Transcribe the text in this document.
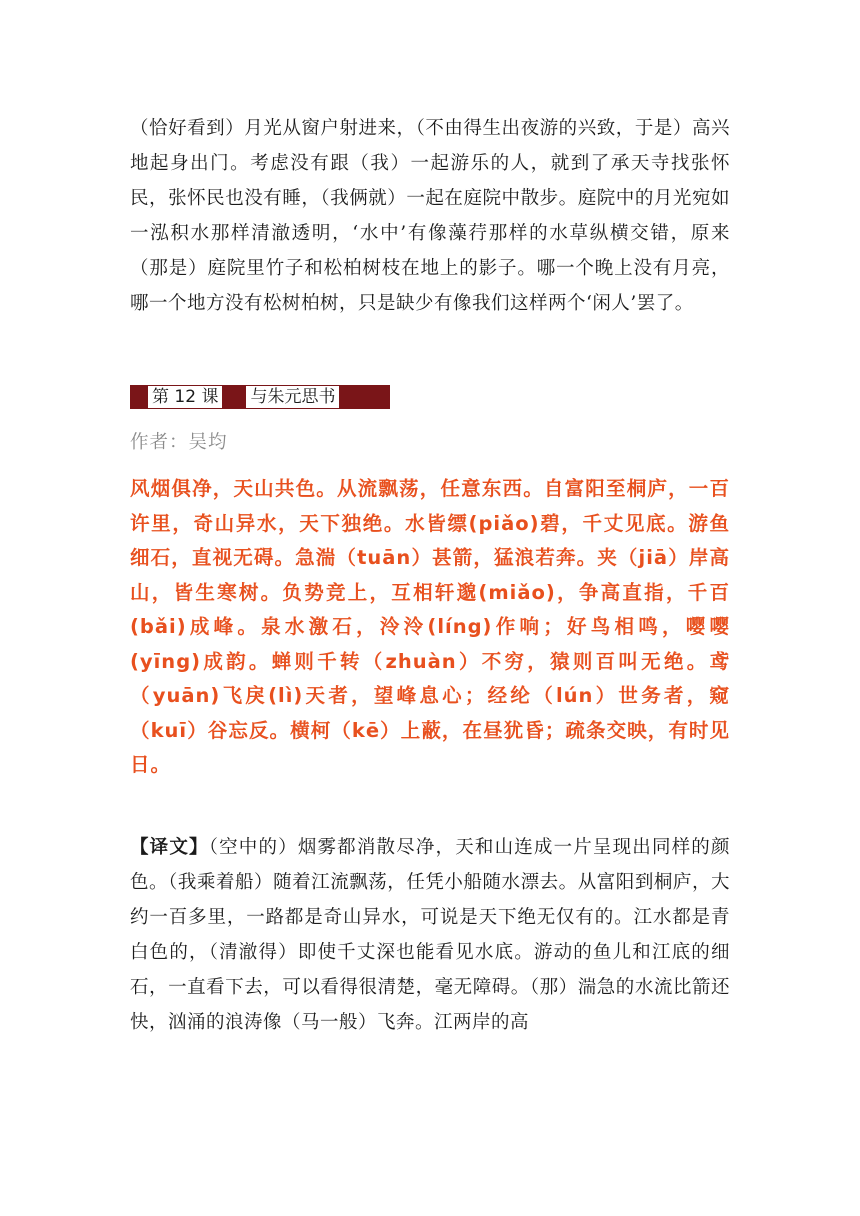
（恰好看到）月光从窗户射进来，（不由得生出夜游的兴致，于是）高兴地起身出门。考虑没有跟（我）一起游乐的人，就到了承天寺找张怀民，张怀民也没有睡，（我俩就）一起在庭院中散步。庭院中的月光宛如一泓积水那样清澈透明，‘水中’有像藻荇那样的水草纵横交错，原来（那是）庭院里竹子和松柏树枝在地上的影子。哪一个晚上没有月亮，哪一个地方没有松树柏树，只是缺少有像我们这样两个‘闲人’罢了。

第 12 课 与朱元思书
作者：吴均

风烟俱净，天山共色。从流飘荡，任意东西。自富阳至桐庐，一百许里，奇山异水，天下独绝。水皆缥(piǎo)碧，千丈见底。游鱼细石，直视无碍。急湍（tuān）甚箭，猛浪若奔。夹（jiā）岸高山，皆生寒树。负势竞上，互相轩邈(miǎo)，争高直指，千百(bǎi)成峰。泉水激石，泠泠(líng)作响；好鸟相鸣，嘤嘤(yīng)成韵。蝉则千转（zhuàn）不穷，猿则百叫无绝。鸢（yuān)飞戾(lì)天者，望峰息心；经纶（lún）世务者，窥（kuī）谷忘反。横柯（kē）上蔽，在昼犹昏；疏条交映，有时见日。

【译文】（空中的）烟雾都消散尽净，天和山连成一片呈现出同样的颜色。（我乘着船）随着江流飘荡，任凭小船随水漂去。从富阳到桐庐，大约一百多里，一路都是奇山异水，可说是天下绝无仅有的。江水都是青白色的，（清澈得）即使千丈深也能看见水底。游动的鱼儿和江底的细石，一直看下去，可以看得很清楚，毫无障碍。（那）湍急的水流比箭还快，汹涌的浪涛像（马一般）飞奔。江两岸的高
